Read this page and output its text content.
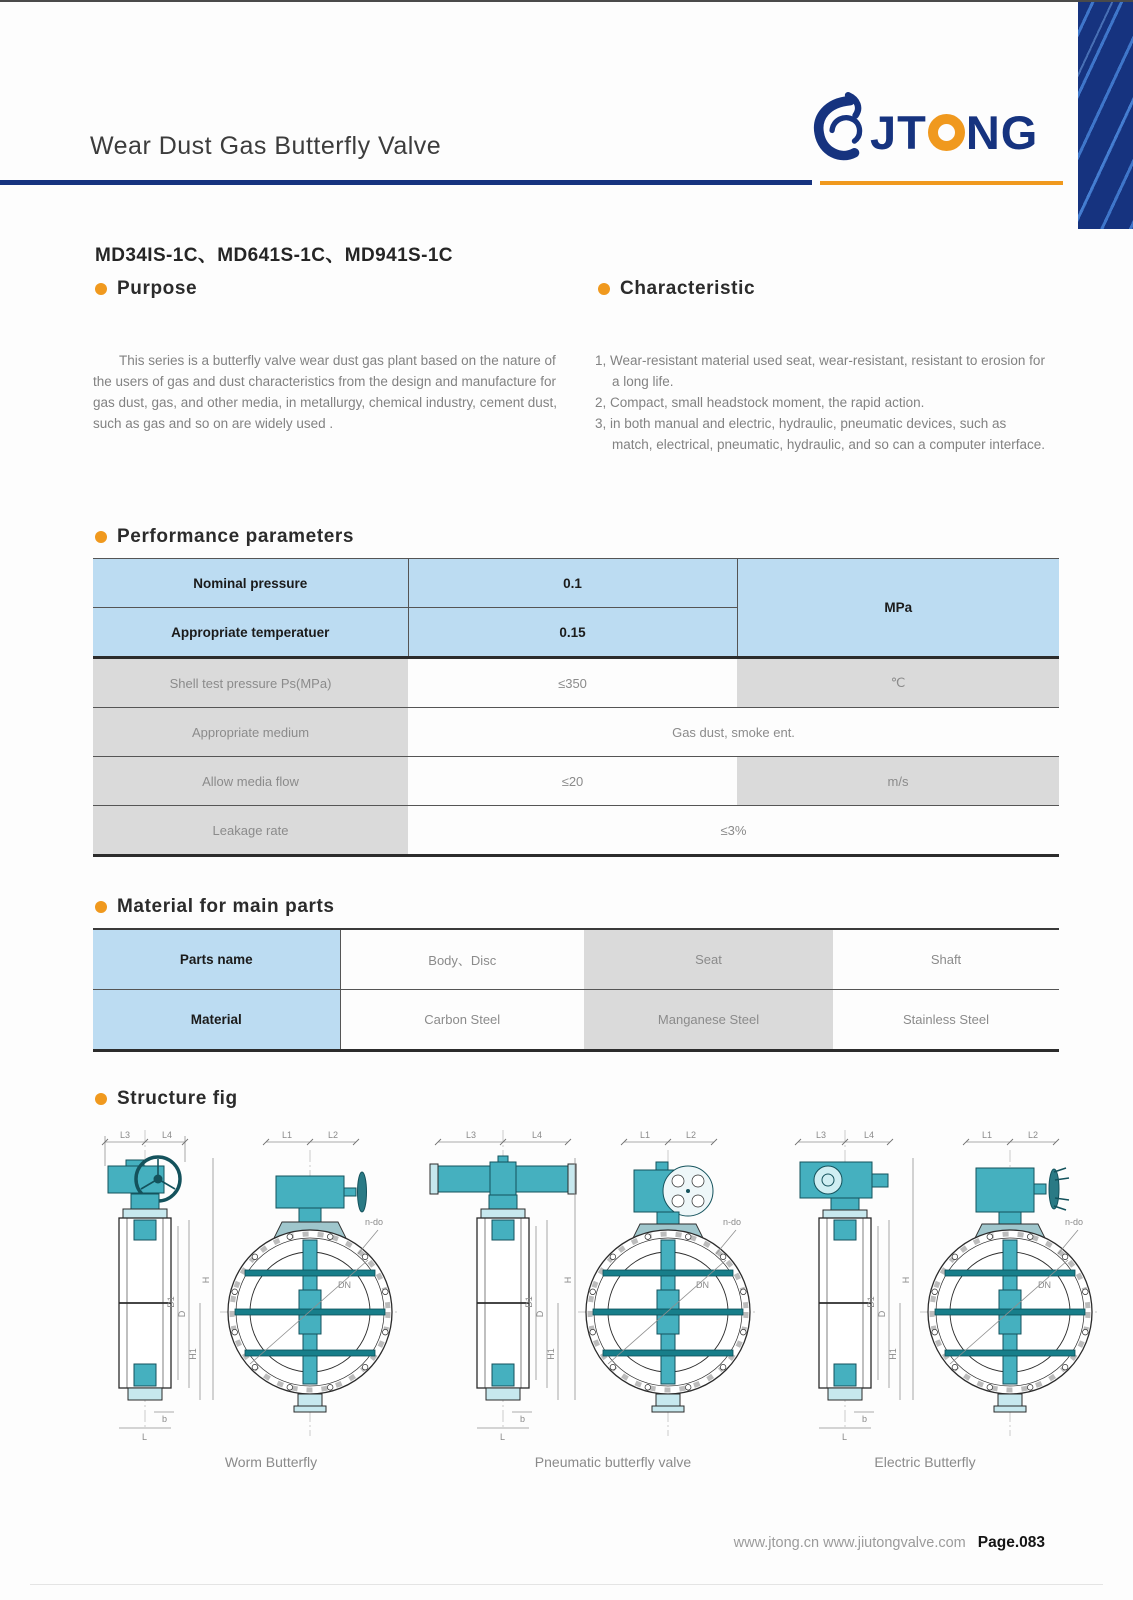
Wear Dust Gas Butterfly Valve	JT NG
MD34IS-1C、MD641S-1C、MD941S-1C
Purpose	Characteristic
This series is a butterfly valve wear dust gas plant based on the nature of the users of gas and dust characteristics from the design and manufacture for gas dust, gas, and other media, in metallurgy, chemical industry, cement dust, such as gas and so on are widely used .
1, Wear-resistant material used seat, wear-resistant, resistant to erosion for a long life.
2, Compact, small headstock moment, the rapid action.
3, in both manual and electric, hydraulic, pneumatic devices, such as match, electrical, pneumatic, hydraulic, and so can a computer interface.
Performance parameters
Nominal pressure	0.1	MPa
Appropriate temperatuer	0.15	
Shell test pressure Ps(MPa)	≤350	℃
Appropriate medium	Gas dust, smoke ent.	
Allow media flow	≤20	m/s
Leakage rate	≤3%	
Material for main parts
Parts name	Body、Disc	Seat	Shaft
Material	Carbon Steel	Manganese Steel	Stainless Steel
Structure fig
L3	L4
D1
D
H1
H
b
L
L1	L2
n-do
DN
L3	L4
D1
D
H1
H
b
L
L1	L2
n-do
DN
L3	L4
D1
D
H1
H
b
L
L1	L2
n-do
DN
Worm Butterfly	Pneumatic butterfly valve	Electric Butterfly
www.jtong.cn www.jiutongvalve.com Page.083
